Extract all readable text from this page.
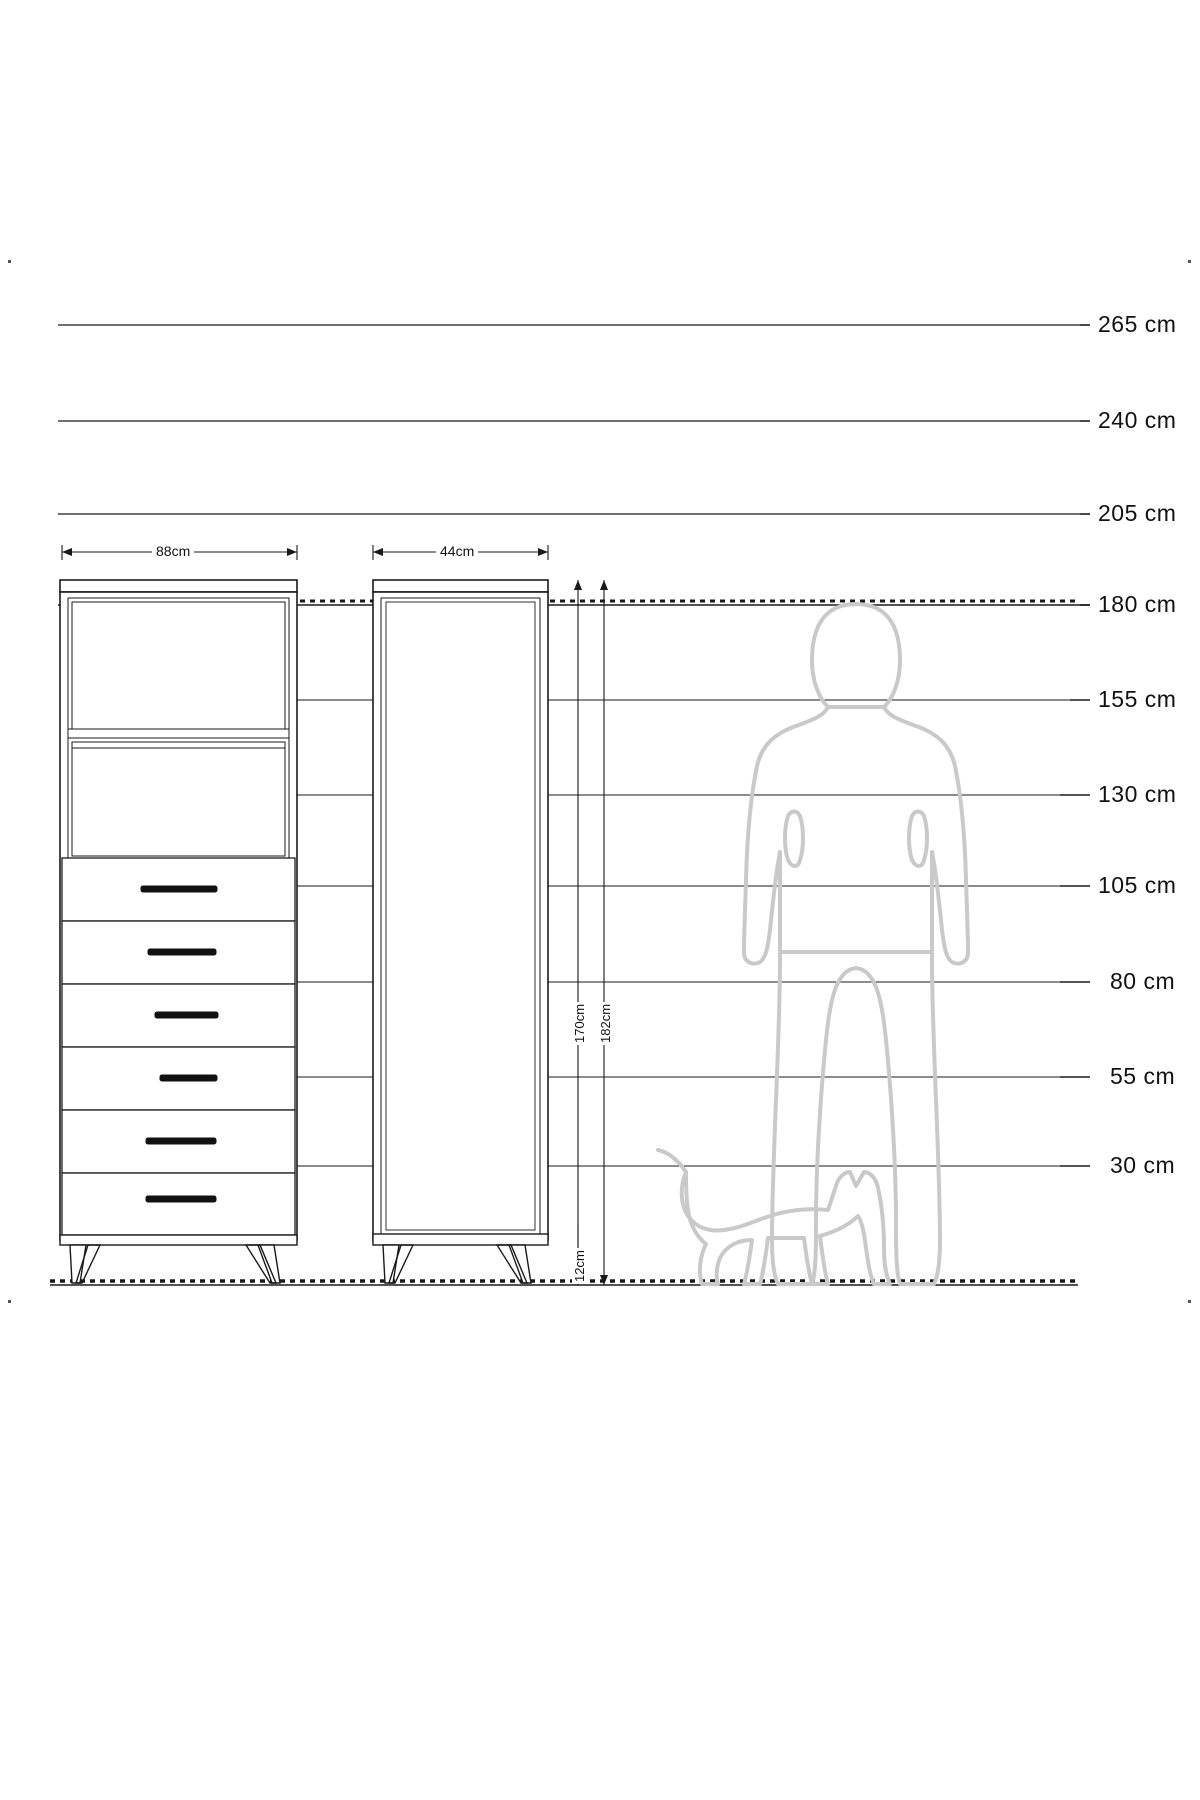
265 cm
240 cm
205 cm
180 cm
155 cm
130 cm
105 cm
80 cm
55 cm
30 cm
88cm	44cm
170cm 182cm
12cm
